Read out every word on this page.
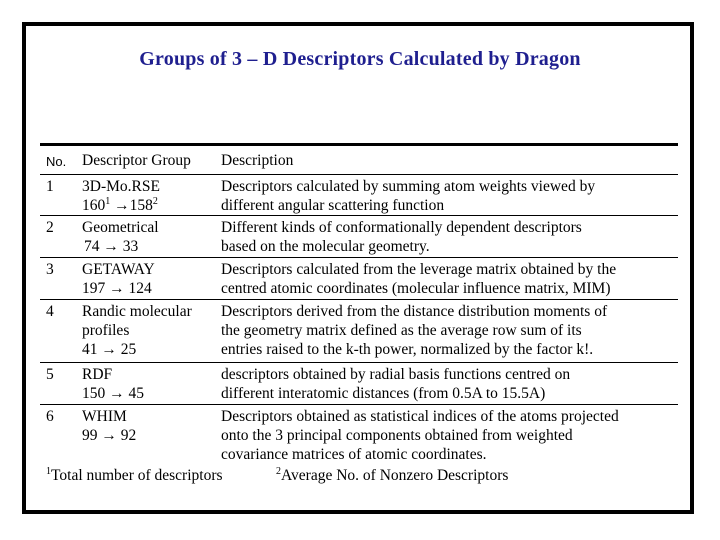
Groups of 3 – D Descriptors Calculated by Dragon
No. Descriptor Group Description
1 3D-Mo.RSE
$160^1 \to 158^2$
Descriptors calculated by summing atom weights viewed by
different angular scattering function
2 Geometrical
74 → 33
Different kinds of conformationally dependent descriptors
based on the molecular geometry.
3 GETAWAY
197 → 124
Descriptors calculated from the leverage matrix obtained by the
centred atomic coordinates (molecular influence matrix, MIM)
4 Randic molecular
profiles
41 → 25
Descriptors derived from the distance distribution moments of
the geometry matrix defined as the average row sum of its
entries raised to the k-th power, normalized by the factor k!.
5 RDF
150 → 45
descriptors obtained by radial basis functions centred on
different interatomic distances (from 0.5A to 15.5A)
6 WHIM
99 → 92
Descriptors obtained as statistical indices of the atoms projected
onto the 3 principal components obtained from weighted
covariance matrices of atomic coordinates.
$^1$Total number of descriptors	$^2$Average No. of Nonzero Descriptors
